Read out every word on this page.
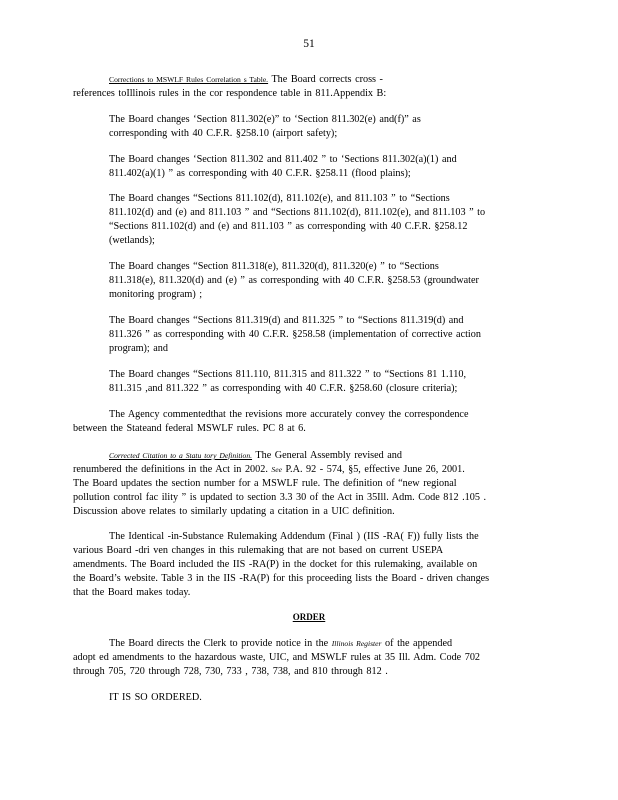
51
Corrections to MSWLF Rules Correlation s Table. The Board corrects cross -
references toIllinois rules in the cor respondence table in 811.Appendix B:
The Board changes ‘Section 811.302(e)” to ‘Section 811.302(e) and(f)” as
corresponding with 40 C.F.R. §258.10 (airport safety);
The Board changes ‘Section 811.302 and 811.402 ” to ‘Sections 811.302(a)(1) and
811.402(a)(1) ” as corresponding with 40 C.F.R. §258.11 (flood plains);
The Board changes “Sections 811.102(d), 811.102(e), and 811.103 ” to “Sections
811.102(d) and (e) and 811.103 ” and “Sections 811.102(d), 811.102(e), and 811.103 ” to
“Sections 811.102(d) and (e) and 811.103 ” as corresponding with 40 C.F.R. §258.12
(wetlands);
The Board changes “Section 811.318(e), 811.320(d), 811.320(e) ” to “Sections
811.318(e), 811.320(d) and (e) ” as corresponding with 40 C.F.R. §258.53 (groundwater
monitoring program) ;
The Board changes “Sections 811.319(d) and 811.325 ” to “Sections 811.319(d) and
811.326 ” as corresponding with 40 C.F.R. §258.58 (implementation of corrective action
program); and
The Board changes “Sections 811.110, 811.315 and 811.322 ” to “Sections 81 1.110,
811.315 ,and 811.322 ” as corresponding with 40 C.F.R. §258.60 (closure criteria);
The Agency commentedthat the revisions more accurately convey the correspondence
between the Stateand federal MSWLF rules. PC 8 at 6.
Corrected Citation to a Statu tory Definition. The General Assembly revised and
renumbered the definitions in the Act in 2002. See P.A. 92 - 574, §5, effective June 26, 2001.
The Board updates the section number for a MSWLF rule. The definition of “new regional
pollution control fac ility ” is updated to section 3.3 30 of the Act in 35Ill. Adm. Code 812 .105 .
Discussion above relates to similarly updating a citation in a UIC definition.
The Identical -in-Substance Rulemaking Addendum (Final ) (IIS -RA( F)) fully lists the
various Board -dri ven changes in this rulemaking that are not based on current USEPA
amendments. The Board included the IIS -RA(P) in the docket for this rulemaking, available on
the Board’s website. Table 3 in the IIS -RA(P) for this proceeding lists the Board - driven changes
that the Board makes today.
ORDER
The Board directs the Clerk to provide notice in the Illinois Register of the appended
adopt ed amendments to the hazardous waste, UIC, and MSWLF rules at 35 Ill. Adm. Code 702
through 705, 720 through 728, 730, 733 , 738, 738, and 810 through 812 .
IT IS SO ORDERED.
